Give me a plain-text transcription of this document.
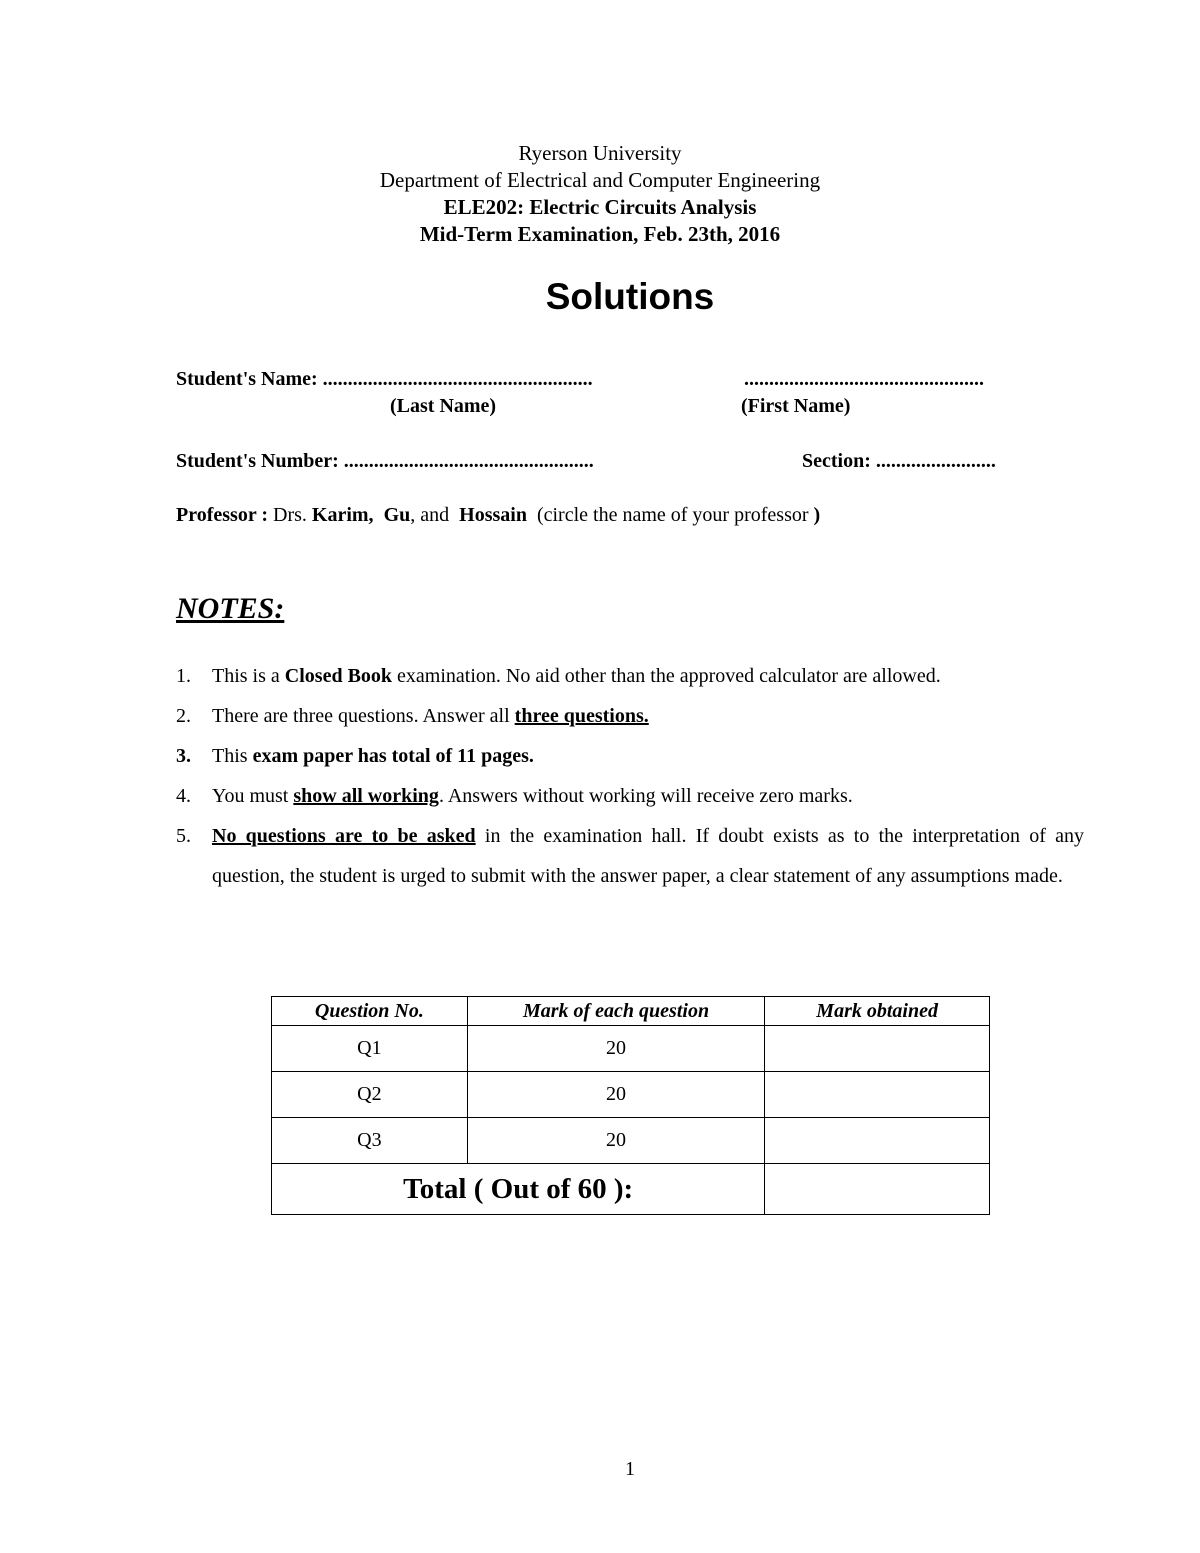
Ryerson University
Department of Electrical and Computer Engineering
ELE202: Electric Circuits Analysis
Mid-Term Examination, Feb. 23th, 2016
Solutions
Student's Name: ......................................................	................................................
(Last Name)	(First Name)
Student's Number: ..................................................	Section: ........................
Professor : Drs. Karim, Gu, and Hossain (circle the name of your professor )
NOTES:
1.	This is a Closed Book examination. No aid other than the approved calculator are allowed.
2.	There are three questions. Answer all three questions.
3.	This exam paper has total of 11 pages.
4.	You must show all working. Answers without working will receive zero marks.
5.	No questions are to be asked in the examination hall. If doubt exists as to the interpretation of any question, the student is urged to submit with the answer paper, a clear statement of any assumptions made.
Question No.	Mark of each question	Mark obtained
Q1	20	
Q2	20	
Q3	20	
Total ( Out of 60 ):		
1
